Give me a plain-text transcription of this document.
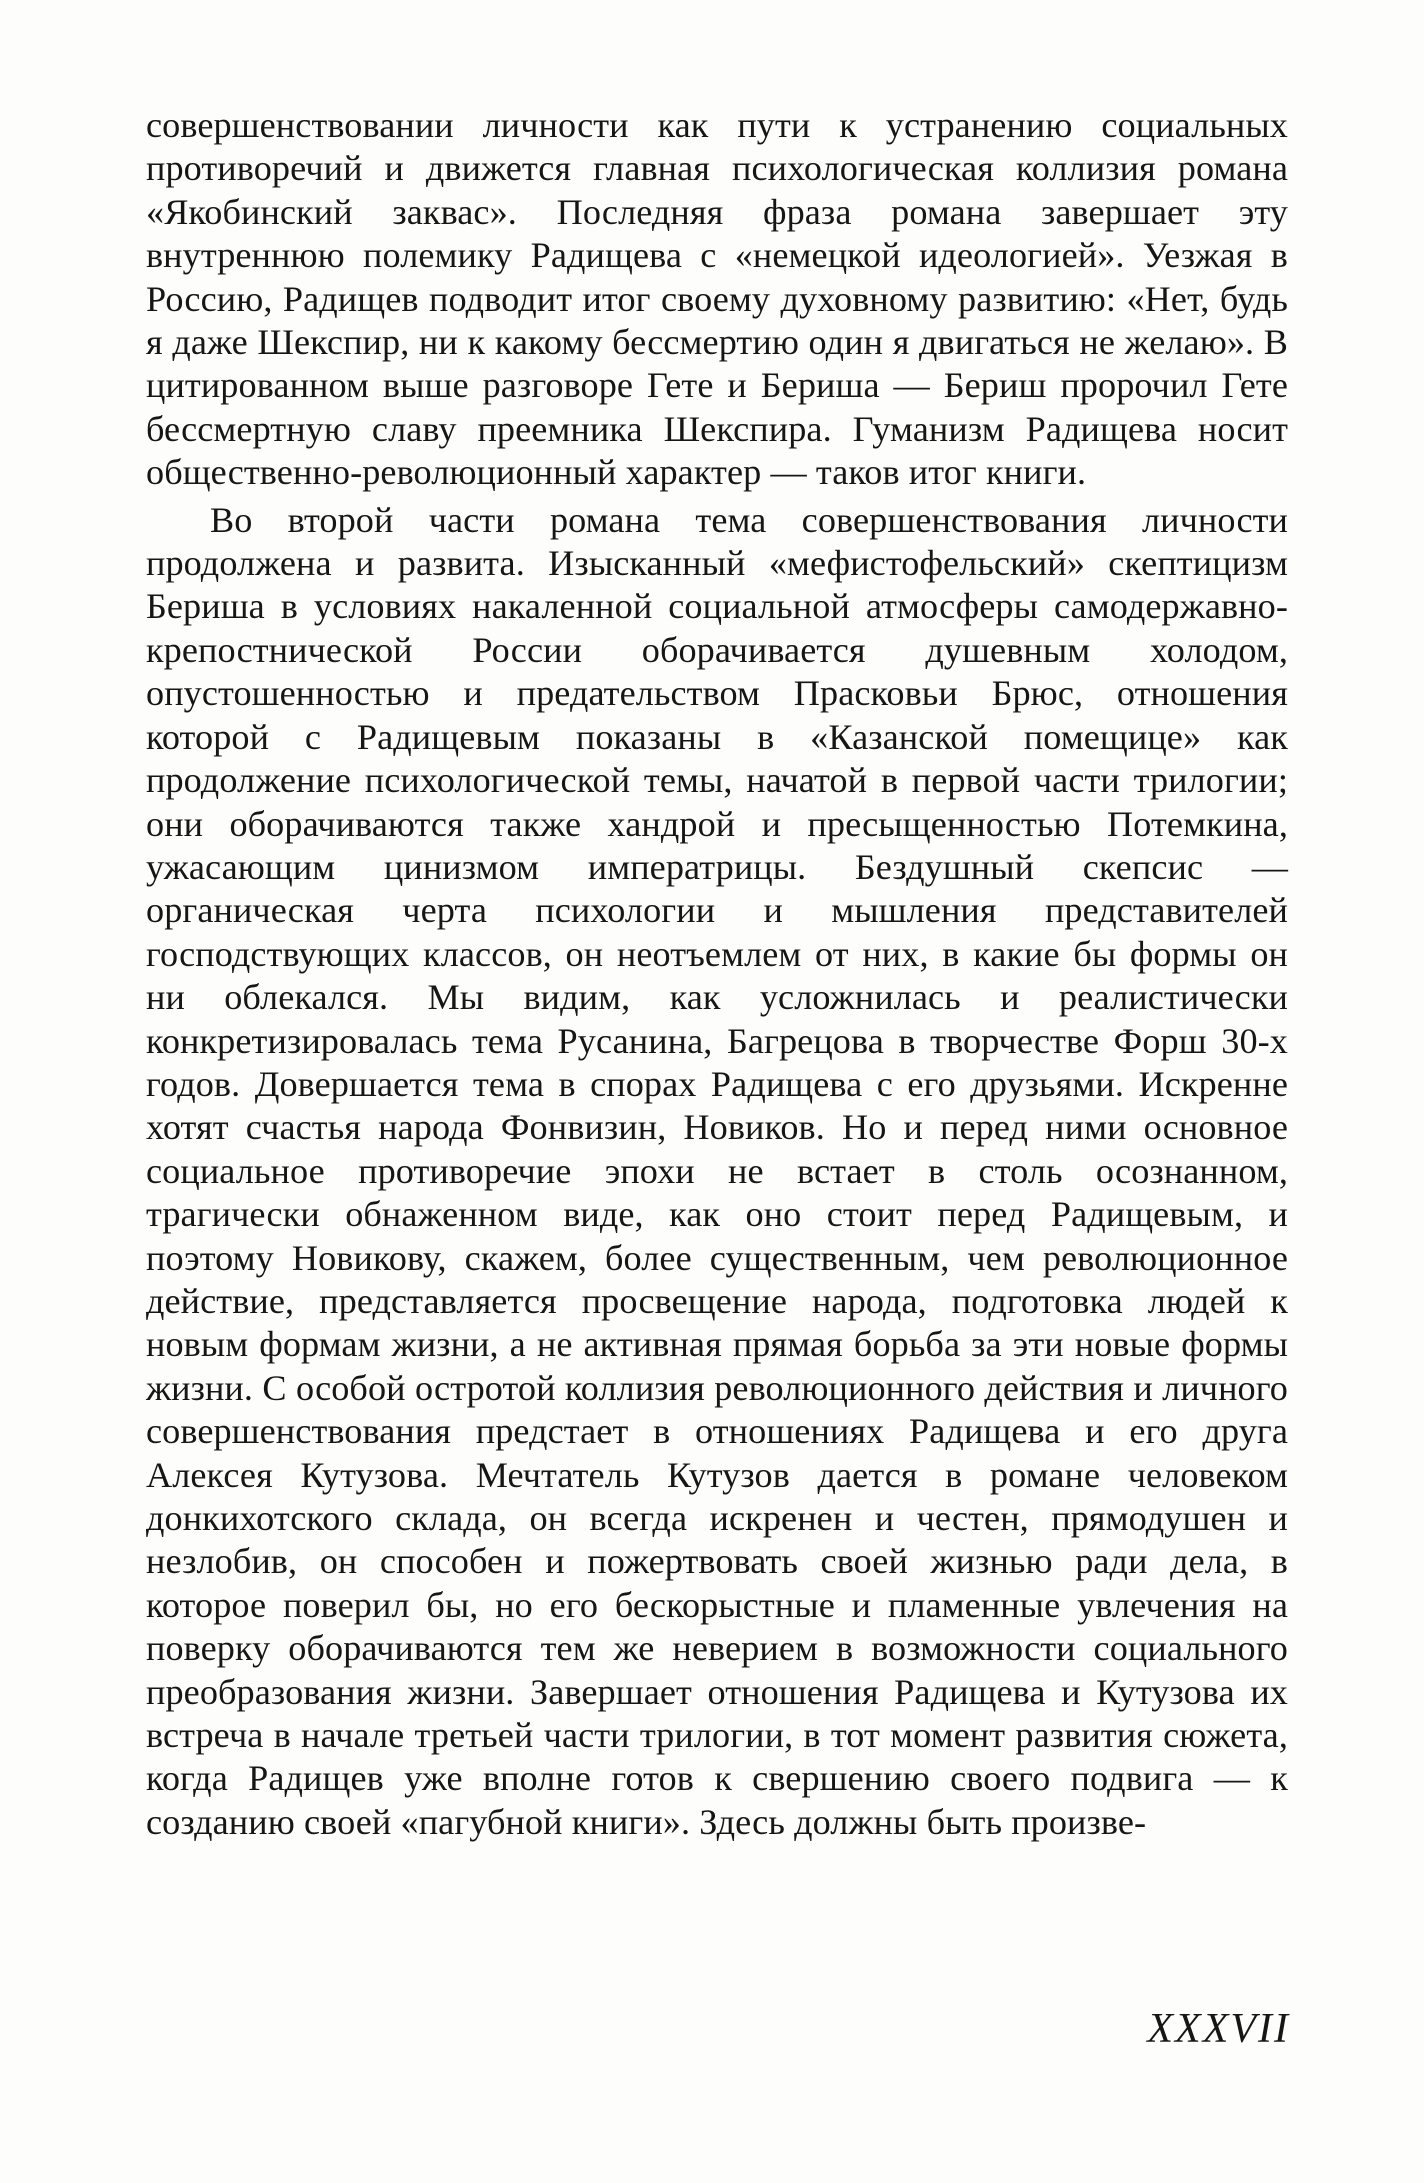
совершенствовании личности как пути к устранению социальных противоречий и движется главная психологическая коллизия романа «Якобинский заквас». Последняя фраза романа завершает эту внутреннюю полемику Радищева с «немецкой идеологией». Уезжая в Россию, Радищев подводит итог своему духовному развитию: «Нет, будь я даже Шекспир, ни к какому бессмертию один я двигаться не желаю». В цитированном выше разговоре Гете и Бериша — Бериш пророчил Гете бессмертную славу преемника Шекспира. Гуманизм Радищева носит общественно-революционный характер — таков итог книги.

Во второй части романа тема совершенствования личности продолжена и развита. Изысканный «мефистофельский» скептицизм Бериша в условиях накаленной социальной атмосферы самодержавно-крепостнической России оборачивается душевным холодом, опустошенностью и предательством Прасковьи Брюс, отношения которой с Радищевым показаны в «Казанской помещице» как продолжение психологической темы, начатой в первой части трилогии; они оборачиваются также хандрой и пресыщенностью Потемкина, ужасающим цинизмом императрицы. Бездушный скепсис — органическая черта психологии и мышления представителей господствующих классов, он неотъемлем от них, в какие бы формы он ни облекался. Мы видим, как усложнилась и реалистически конкретизировалась тема Русанина, Багрецова в творчестве Форш 30-х годов. Довершается тема в спорах Радищева с его друзьями. Искренне хотят счастья народа Фонвизин, Новиков. Но и перед ними основное социальное противоречие эпохи не встает в столь осознанном, трагически обнаженном виде, как оно стоит перед Радищевым, и поэтому Новикову, скажем, более существенным, чем революционное действие, представляется просвещение народа, подготовка людей к новым формам жизни, а не активная прямая борьба за эти новые формы жизни. С особой остротой коллизия революционного действия и личного совершенствования предстает в отношениях Радищева и его друга Алексея Кутузова. Мечтатель Кутузов дается в романе человеком донкихотского склада, он всегда искренен и честен, прямодушен и незлобив, он способен и пожертвовать своей жизнью ради дела, в которое поверил бы, но его бескорыстные и пламенные увлечения на поверку оборачиваются тем же неверием в возможности социального преобразования жизни. Завершает отношения Радищева и Кутузова их встреча в начале третьей части трилогии, в тот момент развития сюжета, когда Радищев уже вполне готов к свершению своего подвига — к созданию своей «пагубной книги». Здесь должны быть произве-

XXXVII
